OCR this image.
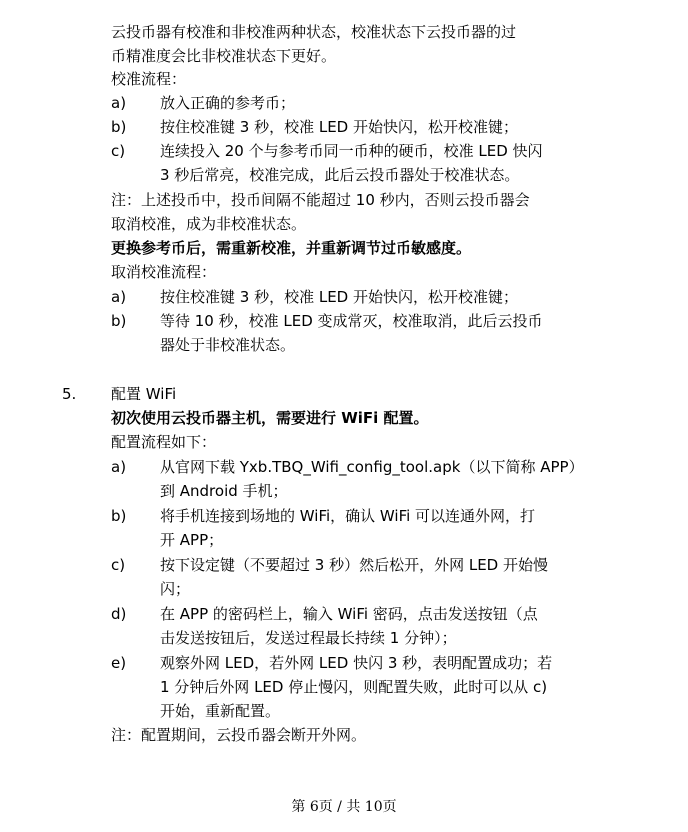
云投币器有校准和非校准两种状态，校准状态下云投币器的过
币精准度会比非校准状态下更好。
校准流程：
a) 放入正确的参考币；
b) 按住校准键 3 秒，校准 LED 开始快闪，松开校准键；
c) 连续投入 20 个与参考币同一币种的硬币，校准 LED 快闪
3 秒后常亮，校准完成，此后云投币器处于校准状态。
注：上述投币中，投币间隔不能超过 10 秒内，否则云投币器会
取消校准，成为非校准状态。
更换参考币后，需重新校准，并重新调节过币敏感度。
取消校准流程：
a) 按住校准键 3 秒，校准 LED 开始快闪，松开校准键；
b) 等待 10 秒，校准 LED 变成常灭，校准取消，此后云投币
器处于非校准状态。
5. 配置 WiFi
初次使用云投币器主机，需要进行 WiFi 配置。
配置流程如下：
a) 从官网下载 Yxb.TBQ_Wifi_config_tool.apk（以下简称 APP）
到 Android 手机；
b) 将手机连接到场地的 WiFi，确认 WiFi 可以连通外网，打
开 APP；
c) 按下设定键（不要超过 3 秒）然后松开，外网 LED 开始慢
闪；
d) 在 APP 的密码栏上，输入 WiFi 密码，点击发送按钮（点
击发送按钮后，发送过程最长持续 1 分钟）；
e) 观察外网 LED，若外网 LED 快闪 3 秒，表明配置成功；若
1 分钟后外网 LED 停止慢闪，则配置失败，此时可以从 c)
开始，重新配置。
注：配置期间，云投币器会断开外网。
第 6页 / 共 10页
